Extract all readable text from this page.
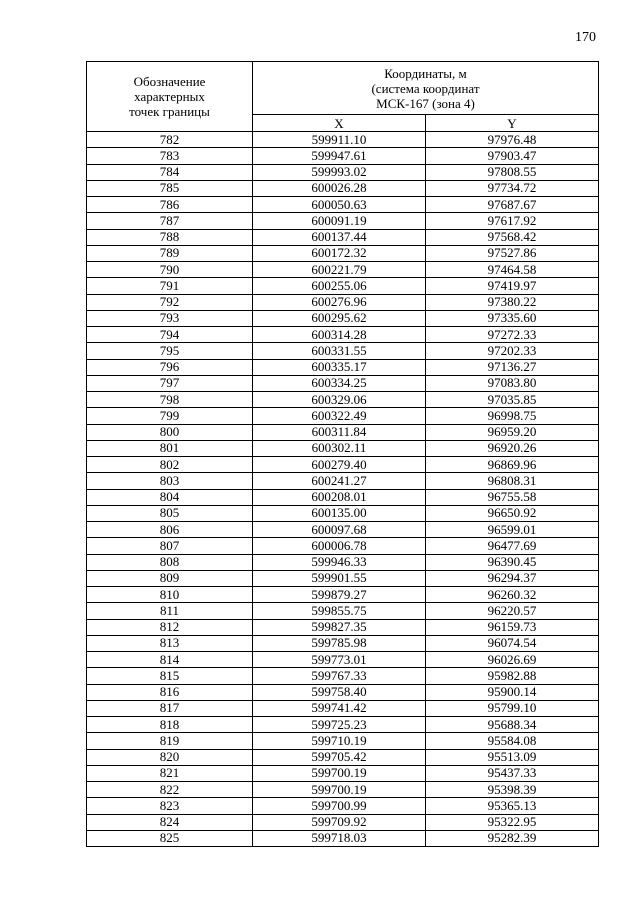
170
Обозначение
характерных
точек границы	Координаты, м
(система координат
МСК-167 (зона 4)	
	X	Y
782	599911.10	97976.48
783	599947.61	97903.47
784	599993.02	97808.55
785	600026.28	97734.72
786	600050.63	97687.67
787	600091.19	97617.92
788	600137.44	97568.42
789	600172.32	97527.86
790	600221.79	97464.58
791	600255.06	97419.97
792	600276.96	97380.22
793	600295.62	97335.60
794	600314.28	97272.33
795	600331.55	97202.33
796	600335.17	97136.27
797	600334.25	97083.80
798	600329.06	97035.85
799	600322.49	96998.75
800	600311.84	96959.20
801	600302.11	96920.26
802	600279.40	96869.96
803	600241.27	96808.31
804	600208.01	96755.58
805	600135.00	96650.92
806	600097.68	96599.01
807	600006.78	96477.69
808	599946.33	96390.45
809	599901.55	96294.37
810	599879.27	96260.32
811	599855.75	96220.57
812	599827.35	96159.73
813	599785.98	96074.54
814	599773.01	96026.69
815	599767.33	95982.88
816	599758.40	95900.14
817	599741.42	95799.10
818	599725.23	95688.34
819	599710.19	95584.08
820	599705.42	95513.09
821	599700.19	95437.33
822	599700.19	95398.39
823	599700.99	95365.13
824	599709.92	95322.95
825	599718.03	95282.39
